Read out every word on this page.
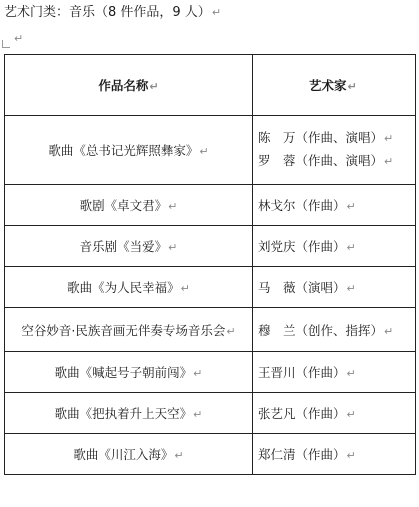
艺术门类：音乐（8 件作品，9 人）↵
↵
作品名称↵	艺术家↵
歌曲《总书记光辉照彝家》↵	陈　万（作曲、演唱）↵
罗　蓉（作曲、演唱）↵

歌剧《卓文君》↵	林戈尔（作曲）↵
音乐剧《当爱》↵	刘党庆（作曲）↵
歌曲《为人民幸福》↵	马　薇（演唱）↵
空谷妙音·民族音画无伴奏专场音乐会↵	穆　兰（创作、指挥）↵
歌曲《喊起号子朝前闯》↵	王晋川（作曲）↵
歌曲《把执着升上天空》↵	张艺凡（作曲）↵
歌曲《川江入海》↵	郑仁清（作曲）↵
